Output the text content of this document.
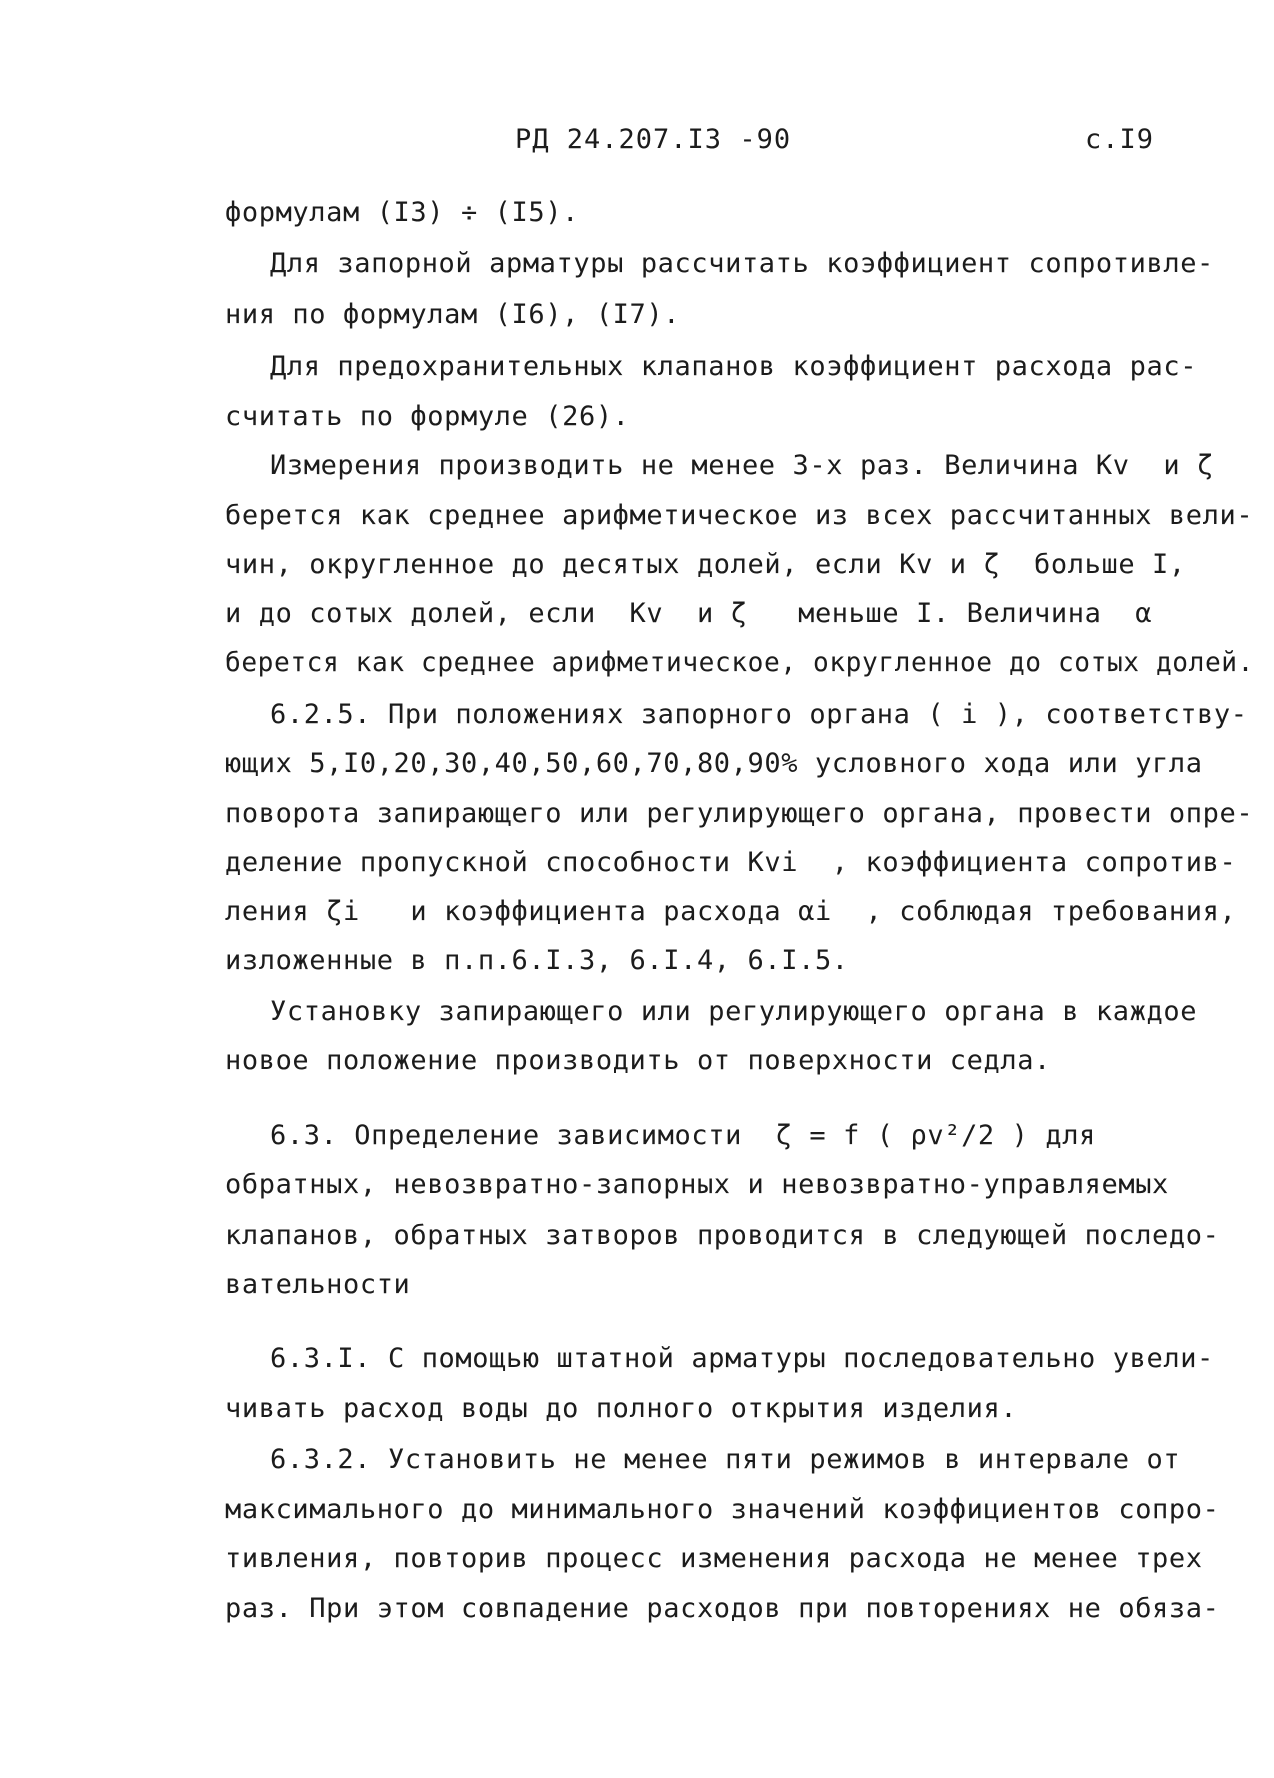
РД 24.207.I3 -90	с.I9
формулам (I3) ÷ (I5).
Для запорной арматуры рассчитать коэффициент сопротивле-
ния по формулам (I6), (I7).
Для предохранительных клапанов коэффициент расхода рас-
считать по формуле (26).
Измерения производить не менее 3-х раз. Величина Kv  и ζ
берется как среднее арифметическое из всех рассчитанных вели-
чин, округленное до десятых долей, если Kv и ζ  больше I,
и до сотых долей, если  Kv  и ζ   меньше I. Величина  α
берется как среднее арифметическое, округленное до сотых долей.
6.2.5. При положениях запорного органа ( i ), соответству-
ющих 5,I0,20,30,40,50,60,70,80,90% условного хода или угла
поворота запирающего или регулирующего органа, провести опре-
деление пропускной способности Kvi  , коэффициента сопротив-
ления ζi   и коэффициента расхода αi  , соблюдая требования,
изложенные в п.п.6.I.3, 6.I.4, 6.I.5.
Установку запирающего или регулирующего органа в каждое
новое положение производить от поверхности седла.
6.3. Определение зависимости  ζ = f ( ρv²/2 ) для
обратных, невозвратно-запорных и невозвратно-управляемых
клапанов, обратных затворов проводится в следующей последо-
вательности
6.3.I. С помощью штатной арматуры последовательно увели-
чивать расход воды до полного открытия изделия.
6.3.2. Установить не менее пяти режимов в интервале от
максимального до минимального значений коэффициентов сопро-
тивления, повторив процесс изменения расхода не менее трех
раз. При этом совпадение расходов при повторениях не обяза-
